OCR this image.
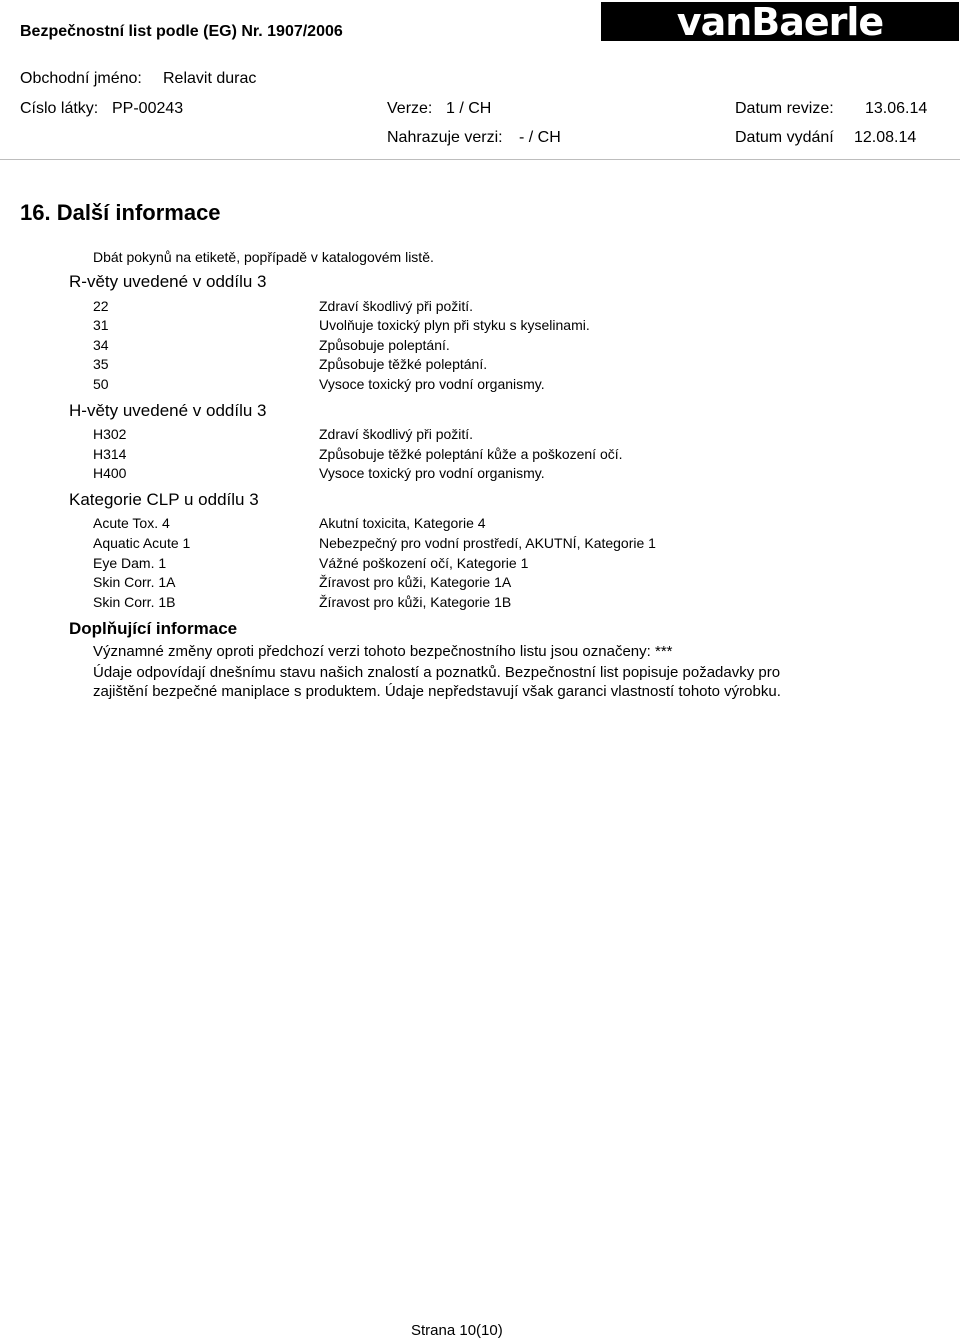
Bezpečnostní list podle (EG) Nr. 1907/2006	vanBaerle
Obchodní jméno: Relavit durac
Císlo látky: PP-00243	Verze: 1 / CH	Datum revize: 13.06.14
Nahrazuje verzi: - / CH	Datum vydání 12.08.14
16. Další informace
Dbát pokynů na etiketě, popřípadě v katalogovém listě.
R-věty uvedené v oddílu 3
22	Zdraví škodlivý při požití.
31	Uvolňuje toxický plyn při styku s kyselinami.
34	Způsobuje poleptání.
35	Způsobuje těžké poleptání.
50	Vysoce toxický pro vodní organismy.
H-věty uvedené v oddílu 3
H302	Zdraví škodlivý při požití.
H314	Způsobuje těžké poleptání kůže a poškození očí.
H400	Vysoce toxický pro vodní organismy.
Kategorie CLP u oddílu 3
Acute Tox. 4	Akutní toxicita, Kategorie 4
Aquatic Acute 1	Nebezpečný pro vodní prostředí, AKUTNÍ, Kategorie 1
Eye Dam. 1	Vážné poškození očí, Kategorie 1
Skin Corr. 1A	Žíravost pro kůži, Kategorie 1A
Skin Corr. 1B	Žíravost pro kůži, Kategorie 1B
Doplňující informace
Významné změny oproti předchozí verzi tohoto bezpečnostního listu jsou označeny: ***
Údaje odpovídají dnešnímu stavu našich znalostí a poznatků. Bezpečnostní list popisuje požadavky pro
zajištění bezpečné maniplace s produktem. Údaje nepředstavují však garanci vlastností tohoto výrobku.
Strana 10(10)
